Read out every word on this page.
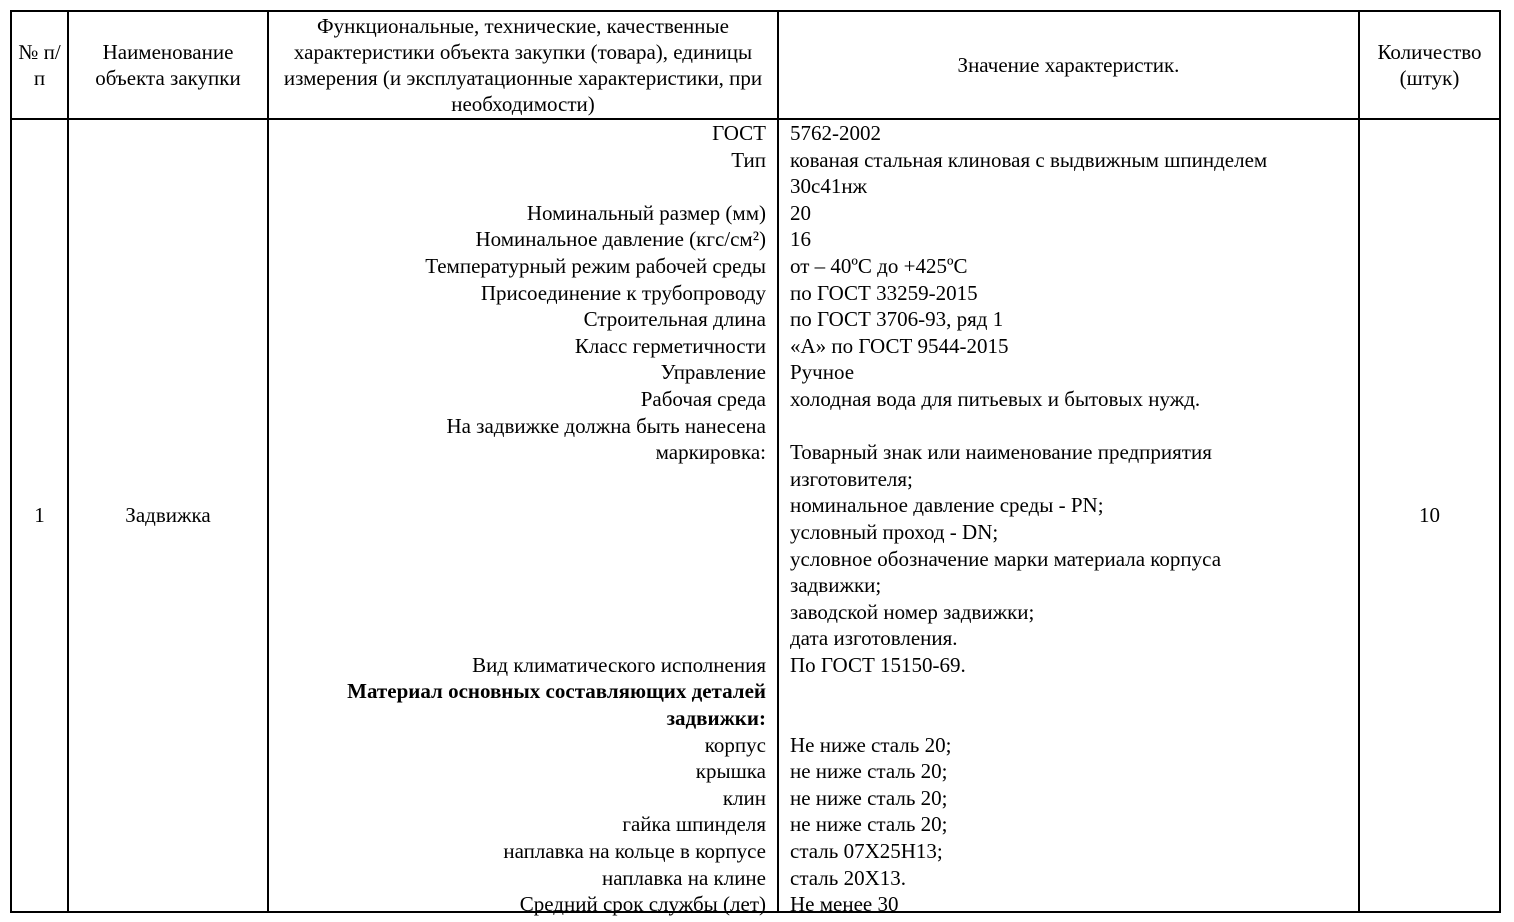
№ п/п
Наименование объекта закупки
Функциональные, технические, качественные характеристики объекта закупки (товара), единицы измерения (и эксплуатационные характеристики, при необходимости)
Значение характеристик.
Количество (штук)
1	Задвижка	10
ГОСТ
Тип
Номинальный размер (мм)
Номинальное давление (кгс/см²)
Температурный режим рабочей среды
Присоединение к трубопроводу
Строительная длина
Класс герметичности
Управление
Рабочая среда
На задвижке должна быть нанесена
маркировка:
Вид климатического исполнения
Материал основных составляющих деталей
задвижки:
корпус
крышка
клин
гайка шпинделя
наплавка на кольце в корпусе
наплавка на клине
Средний срок службы (лет)
5762-2002
кованая стальная клиновая с выдвижным шпинделем
30с41нж
20
16
от – 40ºС до +425ºС
по ГОСТ 33259-2015
по ГОСТ 3706-93, ряд 1
«А» по ГОСТ 9544-2015
Ручное
холодная вода для питьевых и бытовых нужд.
Товарный знак или наименование предприятия
изготовителя;
номинальное давление среды - PN;
условный проход - DN;
условное обозначение марки материала корпуса
задвижки;
заводской номер задвижки;
дата изготовления.
По ГОСТ 15150-69.
Не ниже сталь 20;
не ниже сталь 20;
не ниже сталь 20;
не ниже сталь 20;
сталь 07Х25Н13;
сталь 20Х13.
Не менее 30
